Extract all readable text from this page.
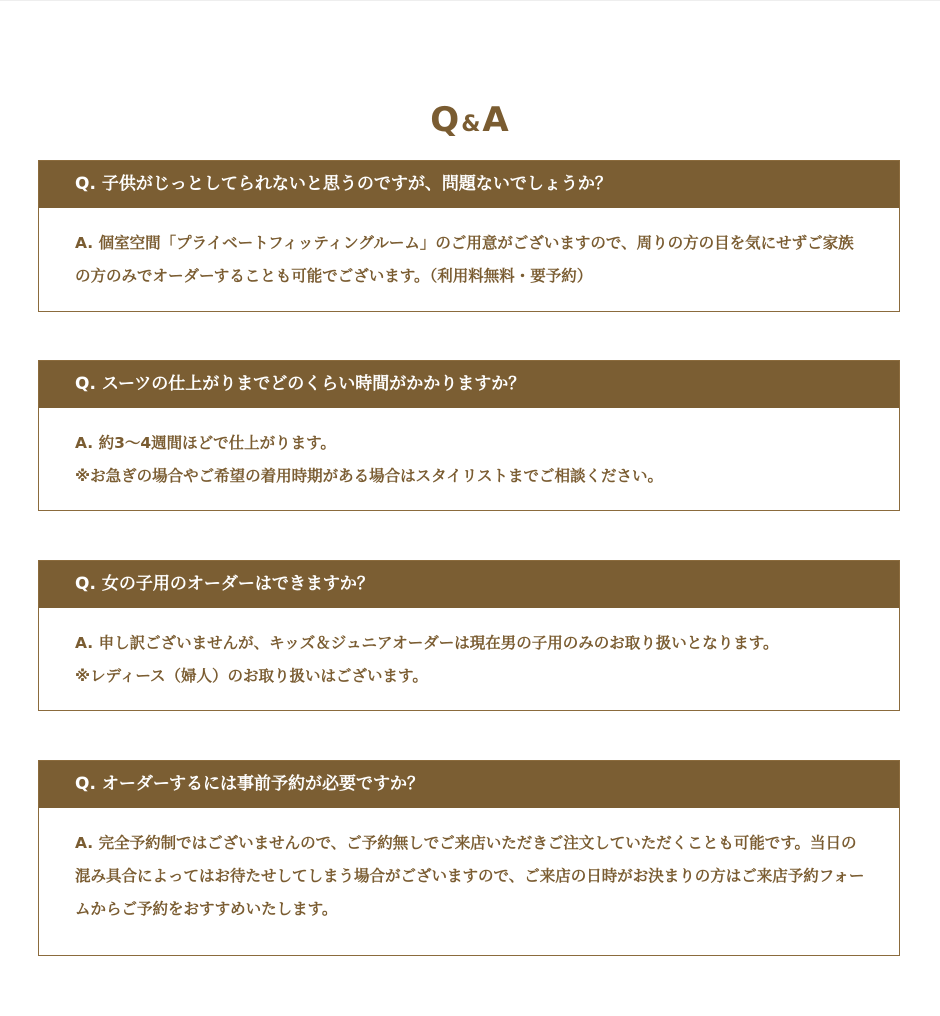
Q&A
Q. 子供がじっとしてられないと思うのですが、問題ないでしょうか？

A. 個室空間「プライベートフィッティングルーム」のご用意がございますので、周りの方の目を気にせずご家族の方のみでオーダーすることも可能でございます。（利用料無料・要予約）

Q. スーツの仕上がりまでどのくらい時間がかかりますか？

A. 約3〜4週間ほどで仕上がります。

※お急ぎの場合やご希望の着用時期がある場合はスタイリストまでご相談ください。

Q. 女の子用のオーダーはできますか？

A. 申し訳ございませんが、キッズ＆ジュニアオーダーは現在男の子用のみのお取り扱いとなります。

※レディース（婦人）のお取り扱いはございます。

Q. オーダーするには事前予約が必要ですか？

A. 完全予約制ではございませんので、ご予約無しでご来店いただきご注文していただくことも可能です。当日の混み具合によってはお待たせしてしまう場合がございますので、ご来店の日時がお決まりの方はご来店予約フォームからご予約をおすすめいたします。
